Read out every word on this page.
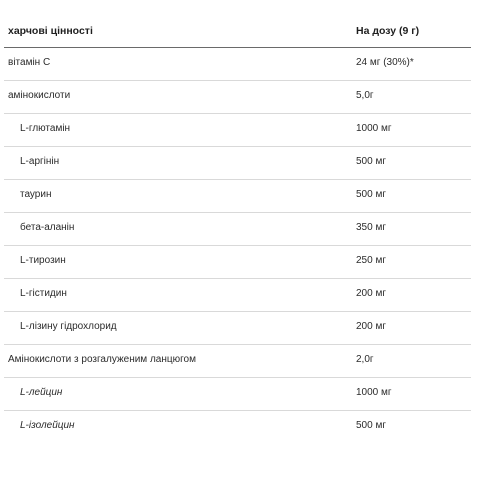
харчові цінності	На дозу (9 г)
вітамін С	24 мг (30%)*
амінокислоти	5,0г
L-глютамін	1000 мг
L-аргінін	500 мг
таурин	500 мг
бета-аланін	350 мг
L-тирозин	250 мг
L-гістидин	200 мг
L-лізину гідрохлорид	200 мг
Амінокислоти з розгалуженим ланцюгом	2,0г
L-лейцин	1000 мг
L-ізолейцин	500 мг
